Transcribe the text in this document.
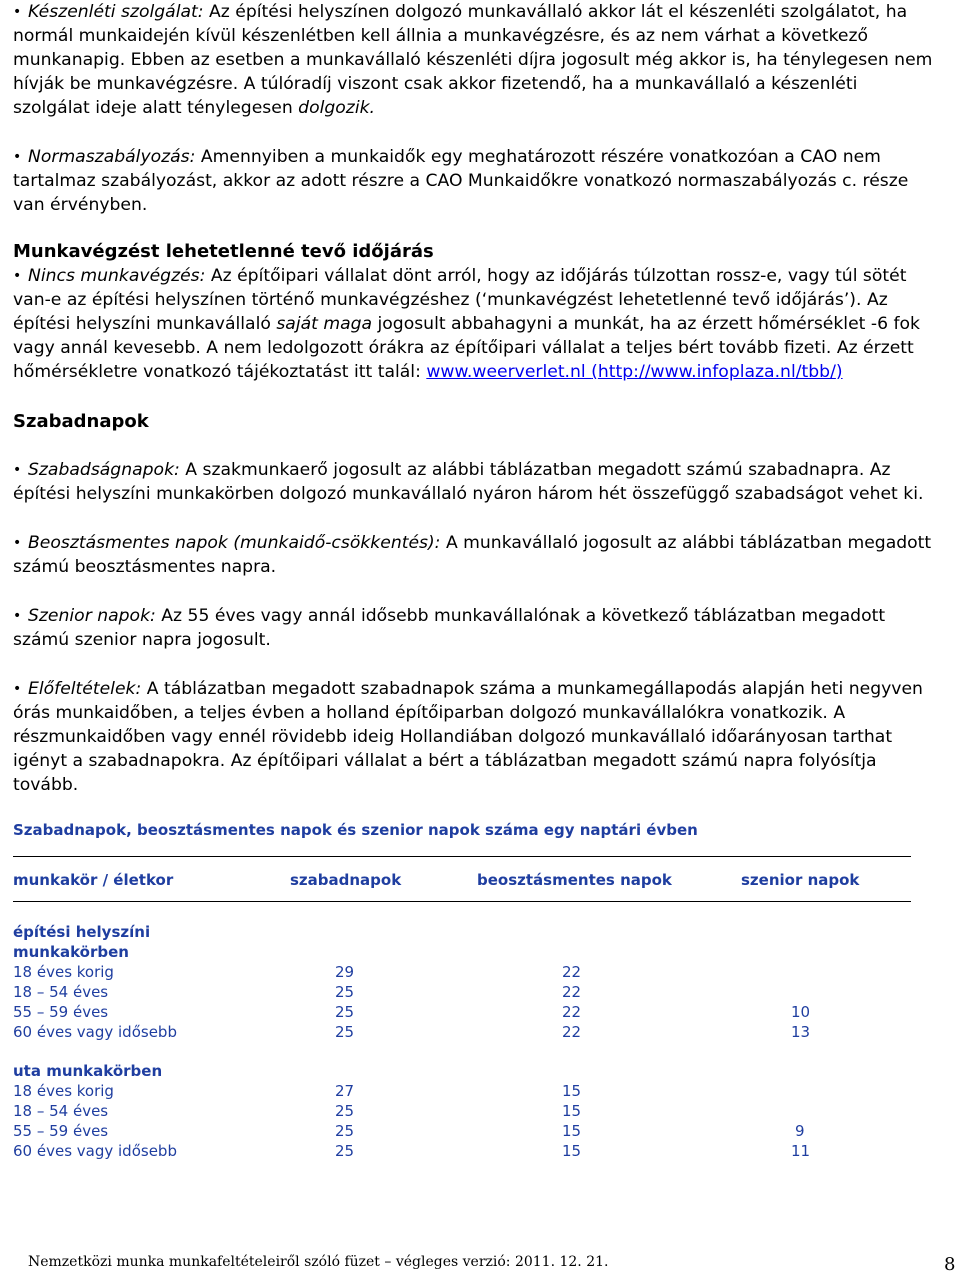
• Készenléti szolgálat: Az építési helyszínen dolgozó munkavállaló akkor lát el készenléti szolgálatot, ha normál munkaidején kívül készenlétben kell állnia a munkavégzésre, és az nem várhat a következő munkanapig. Ebben az esetben a munkavállaló készenléti díjra jogosult még akkor is, ha ténylegesen nem hívják be munkavégzésre. A túlóradíj viszont csak akkor fizetendő, ha a munkavállaló a készenléti szolgálat ideje alatt ténylegesen dolgozik.

• Normaszabályozás: Amennyiben a munkaidők egy meghatározott részére vonatkozóan a CAO nem tartalmaz szabályozást, akkor az adott részre a CAO Munkaidőkre vonatkozó normaszabályozás c. része van érvényben.

Munkavégzést lehetetlenné tevő időjárás

• Nincs munkavégzés: Az építőipari vállalat dönt arról, hogy az időjárás túlzottan rossz-e, vagy túl sötét van-e az építési helyszínen történő munkavégzéshez (‘munkavégzést lehetetlenné tevő időjárás’). Az építési helyszíni munkavállaló saját maga jogosult abbahagyni a munkát, ha az érzett hőmérséklet -6 fok vagy annál kevesebb. A nem ledolgozott órákra az építőipari vállalat a teljes bért tovább fizeti. Az érzett hőmérsékletre vonatkozó tájékoztatást itt talál: www.weerverlet.nl (http://www.infoplaza.nl/tbb/)

Szabadnapok

• Szabadságnapok: A szakmunkaerő jogosult az alábbi táblázatban megadott számú szabadnapra. Az építési helyszíni munkakörben dolgozó munkavállaló nyáron három hét összefüggő szabadságot vehet ki.

• Beosztásmentes napok (munkaidő-csökkentés): A munkavállaló jogosult az alábbi táblázatban megadott számú beosztásmentes napra.

• Szenior napok: Az 55 éves vagy annál idősebb munkavállalónak a következő táblázatban megadott számú szenior napra jogosult.

• Előfeltételek: A táblázatban megadott szabadnapok száma a munkamegállapodás alapján heti negyven órás munkaidőben, a teljes évben a holland építőiparban dolgozó munkavállalókra vonatkozik. A részmunkaidőben vagy ennél rövidebb ideig Hollandiában dolgozó munkavállaló időarányosan tarthat igényt a szabadnapokra. Az építőipari vállalat a bért a táblázatban megadott számú napra folyósítja tovább.

Szabadnapok, beosztásmentes napok és szenior napok száma egy naptári évben
munkakör / életkor	szabadnapok	beosztásmentes napok	szenior napok
építési helyszíni
munkakörben
18 éves korig	29	22
18 – 54 éves	25	22
55 – 59 éves	25	22	10
60 éves vagy idősebb	25	22	13
uta munkakörben
18 éves korig	27	15
18 – 54 éves	25	15
55 – 59 éves	25	15	9
60 éves vagy idősebb	25	15	11
Nemzetközi munka munkafeltételeiről szóló füzet – végleges verzió: 2011. 12. 21.	8
